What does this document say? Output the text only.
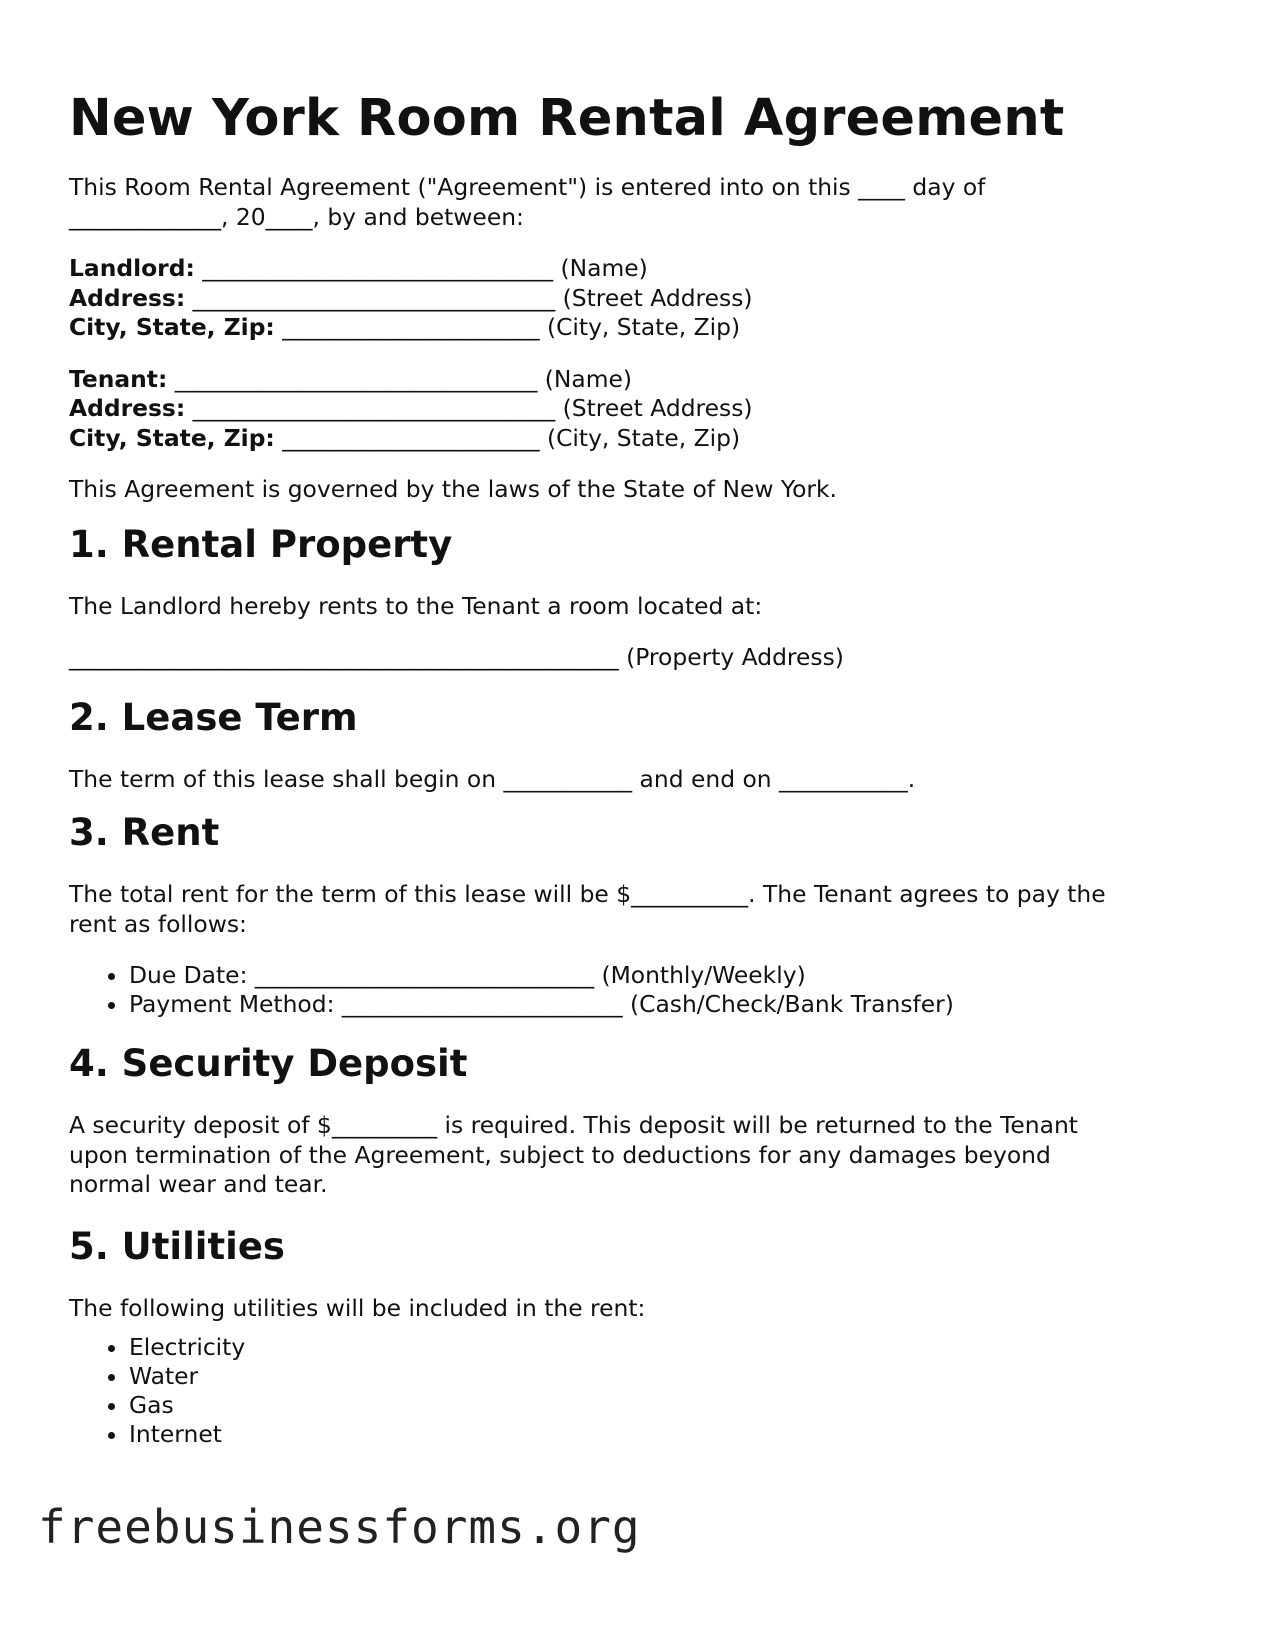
New York Room Rental Agreement
This Room Rental Agreement ("Agreement") is entered into on this ____ day of
_____________, 20____, by and between:
Landlord: ______________________________ (Name)
Address: _______________________________ (Street Address)
City, State, Zip: ______________________ (City, State, Zip)
Tenant: _______________________________ (Name)
Address: _______________________________ (Street Address)
City, State, Zip: ______________________ (City, State, Zip)

This Agreement is governed by the laws of the State of New York.

1. Rental Property

The Landlord hereby rents to the Tenant a room located at:

_______________________________________________ (Property Address)

2. Lease Term

The term of this lease shall begin on ___________ and end on ___________.

3. Rent
The total rent for the term of this lease will be $__________. The Tenant agrees to pay the
rent as follows:
• Due Date: _____________________________ (Monthly/Weekly)
• Payment Method: ________________________ (Cash/Check/Bank Transfer)
4. Security Deposit
A security deposit of $_________ is required. This deposit will be returned to the Tenant
upon termination of the Agreement, subject to deductions for any damages beyond
normal wear and tear.
5. Utilities

The following utilities will be included in the rent:

• Electricity
• Water
• Gas
• Internet
freebusinessforms.org
